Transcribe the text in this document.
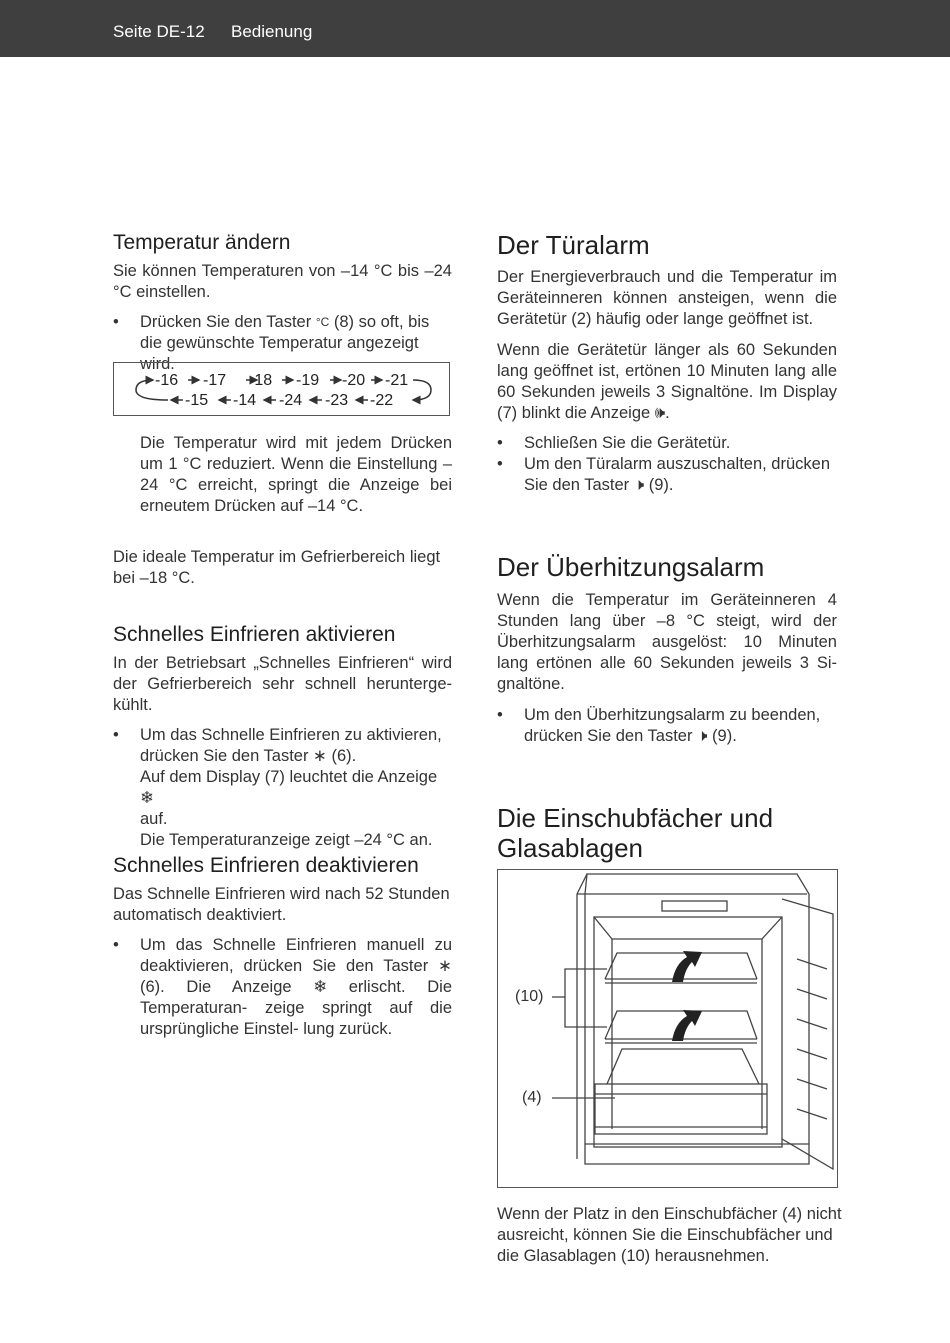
Seite DE-12 Bedienung
Temperatur ändern

Sie können Temperaturen von –14 °C bis –24 °C einstellen.

• Drücken Sie den Taster °C (8) so oft, bis die gewünschte Temperatur angezeigt wird.
-16 -17 -18 -19 -20 -21
-15 -14 -24 -23 -22

Die Temperatur wird mit jedem Drücken um 1 °C reduziert. Wenn die Einstellung –24 °C erreicht, springt die Anzeige bei erneutem Drücken auf –14 °C.

Die ideale Temperatur im Gefrierbereich liegt bei –18 °C.

Schnelles Einfrieren aktivieren

In der Betriebsart „Schnelles Einfrieren“ wird der Gefrierbereich sehr schnell herunterge- kühlt.

• Um das Schnelle Einfrieren zu aktivieren,
drücken Sie den Taster ∗ (6).
Auf dem Display (7) leuchtet die Anzeige ❄
auf.
Die Temperaturanzeige zeigt –24 °C an.
Schnelles Einfrieren deaktivieren

Das Schnelle Einfrieren wird nach 52 Stunden automatisch deaktiviert.

• Um das Schnelle Einfrieren manuell zu deaktivieren, drücken Sie den Taster ∗ (6). Die Anzeige ❄ erlischt. Die Temperaturan- zeige springt auf die ursprüngliche Einstel- lung zurück.
Der Türalarm

Der Energieverbrauch und die Temperatur im Geräteinneren können ansteigen, wenn die Gerätetür (2) häufig oder lange geöffnet ist.

Wenn die Gerätetür länger als 60 Sekunden lang geöffnet ist, ertönen 10 Minuten lang alle 60 Sekunden jeweils 3 Signaltöne. Im Display (7) blinkt die Anzeige 🕪.

• Schließen Sie die Gerätetür.
• Um den Türalarm auszuschalten, drücken Sie den Taster 🕨 (9).
Der Überhitzungsalarm

Wenn die Temperatur im Geräteinneren 4 Stunden lang über –8 °C steigt, wird der Überhitzungsalarm ausgelöst: 10 Minuten lang ertönen alle 60 Sekunden jeweils 3 Si- gnaltöne.

• Um den Überhitzungsalarm zu beenden, drücken Sie den Taster 🕨 (9).
Die Einschubfächer und
Glasablagen
(10)
(4)

Wenn der Platz in den Einschubfächer (4) nicht ausreicht, können Sie die Einschubfächer und die Glasablagen (10) herausnehmen.
